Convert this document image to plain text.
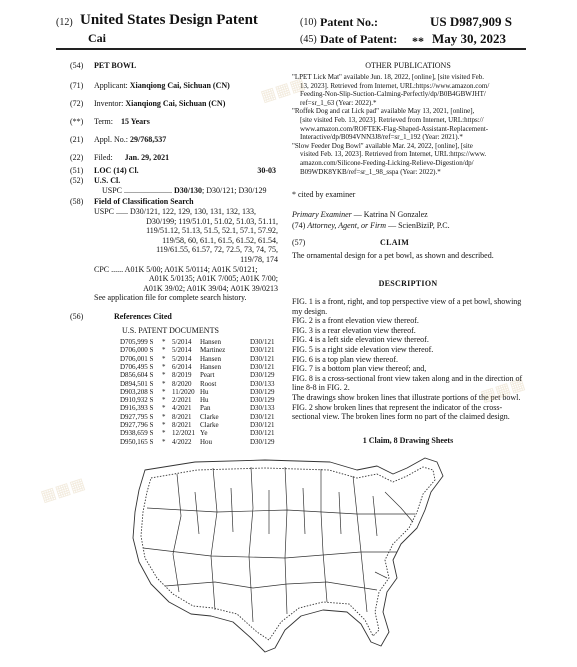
(12) United States Design Patent	(10) Patent No.:	US D987,909 S
Cai	(45) Date of Patent: ** May 30, 2023
(54) PET BOWL
(71) Applicant: Xianqiong Cai, Sichuan (CN)
(72) Inventor: Xianqiong Cai, Sichuan (CN)
(**) Term: 15 Years
(21) Appl. No.: 29/768,537
(22) Filed: Jan. 29, 2021
(51) LOC (14) Cl.	30-03
(52) U.S. Cl.
USPC ........................ D30/130; D30/121; D30/129
(58) Field of Classification Search
USPC ...... D30/121, 122, 129, 130, 131, 132, 133,
D30/199; 119/51.01, 51.02, 51.03, 51.11,
119/51.12, 51.13, 51.5, 52.1, 57.1, 57.92,
119/58, 60, 61.1, 61.5, 61.52, 61.54,
119/61.55, 61.57, 72, 72.5, 73, 74, 75,
119/78, 174
CPC ...... A01K 5/00; A01K 5/0114; A01K 5/0121;
A01K 5/0135; A01K 7/005; A01K 7/00;
A01K 39/02; A01K 39/04; A01K 39/0213
See application file for complete search history.
(56)	References Cited
U.S. PATENT DOCUMENTS
D705,999 S * 5/2014 Hansen	D30/121
D706,000 S * 5/2014 Martinez	D30/121
D706,001 S * 5/2014 Hansen	D30/121
D706,495 S * 6/2014 Hansen	D30/121
D856,604 S * 8/2019 Peart	D30/129
D894,501 S * 8/2020 Roost	D30/133
D903,208 S * 11/2020 Hu	D30/129
D910,932 S * 2/2021 Hu	D30/129
D916,393 S * 4/2021 Pan	D30/133
D927,795 S * 8/2021 Clarke	D30/121
D927,796 S * 8/2021 Clarke	D30/121
D938,659 S * 12/2021 Ye	D30/121
D950,165 S * 4/2022 Hou	D30/129
OTHER PUBLICATIONS
"LPET Lick Mat" available Jun. 18, 2022, [online], [site visited Feb.
13, 2023]. Retrieved from Internet, URL:https://www.amazon.com/
Feeding-Non-Slip-Suction-Calming-Perfectly/dp/B0B4GBWJHT/
ref=sr_1_63 (Year: 2022).*
"Roffek Dog and cat Lick pad" available May 13, 2021, [online],
[site visited Feb. 13, 2023]. Retrieved from Internet, URL:https://
www.amazon.com/ROFTEK-Flag-Shaped-Assistant-Replacement-
Interactive/dp/B094VNN3J8/ref=sr_1_192 (Year: 2021).*
"Slow Feeder Dog Bowl" available Mar. 24, 2022, [online], [site
visited Feb. 13, 2023]. Retrieved from Internet, URL:https://www.
amazon.com/Silicone-Feeding-Licking-Relieve-Digestion/dp/
B09WDK8YKB/ref=sr_1_98_sspa (Year: 2022).*
* cited by examiner
Primary Examiner — Katrina N Gonzalez
(74) Attorney, Agent, or Firm — ScienBiziP, P.C.
(57)	CLAIM
The ornamental design for a pet bowl, as shown and described.
DESCRIPTION
FIG. 1 is a front, right, and top perspective view of a pet bowl, showing my design.
FIG. 2 is a front elevation view thereof.
FIG. 3 is a rear elevation view thereof.
FIG. 4 is a left side elevation view thereof.
FIG. 5 is a right side elevation view thereof.
FIG. 6 is a top plan view thereof.
FIG. 7 is a bottom plan view thereof; and,
FIG. 8 is a cross-sectional front view taken along and in the direction of line 8-8 in FIG. 2.
The drawings show broken lines that illustrate portions of the pet bowl. FIG. 2 show broken lines that represent the indicator of the cross-sectional view. The broken lines form no part of the claimed design.
1 Claim, 8 Drawing Sheets
▦▦▦
▦▦▦
▦▦▦
